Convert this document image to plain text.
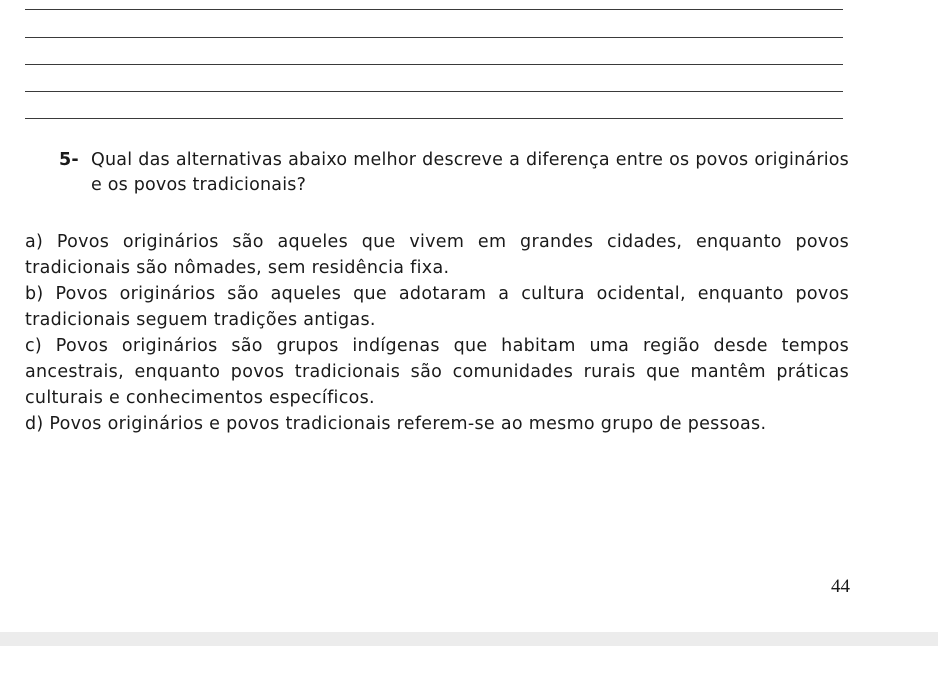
5- Qual das alternativas abaixo melhor descreve a diferença entre os povos originários e os povos tradicionais?

a) Povos originários são aqueles que vivem em grandes cidades, enquanto povos tradicionais são nômades, sem residência fixa.

b) Povos originários são aqueles que adotaram a cultura ocidental, enquanto povos tradicionais seguem tradições antigas.

c) Povos originários são grupos indígenas que habitam uma região desde tempos ancestrais, enquanto povos tradicionais são comunidades rurais que mantêm práticas culturais e conhecimentos específicos.

d) Povos originários e povos tradicionais referem-se ao mesmo grupo de pessoas.

44
